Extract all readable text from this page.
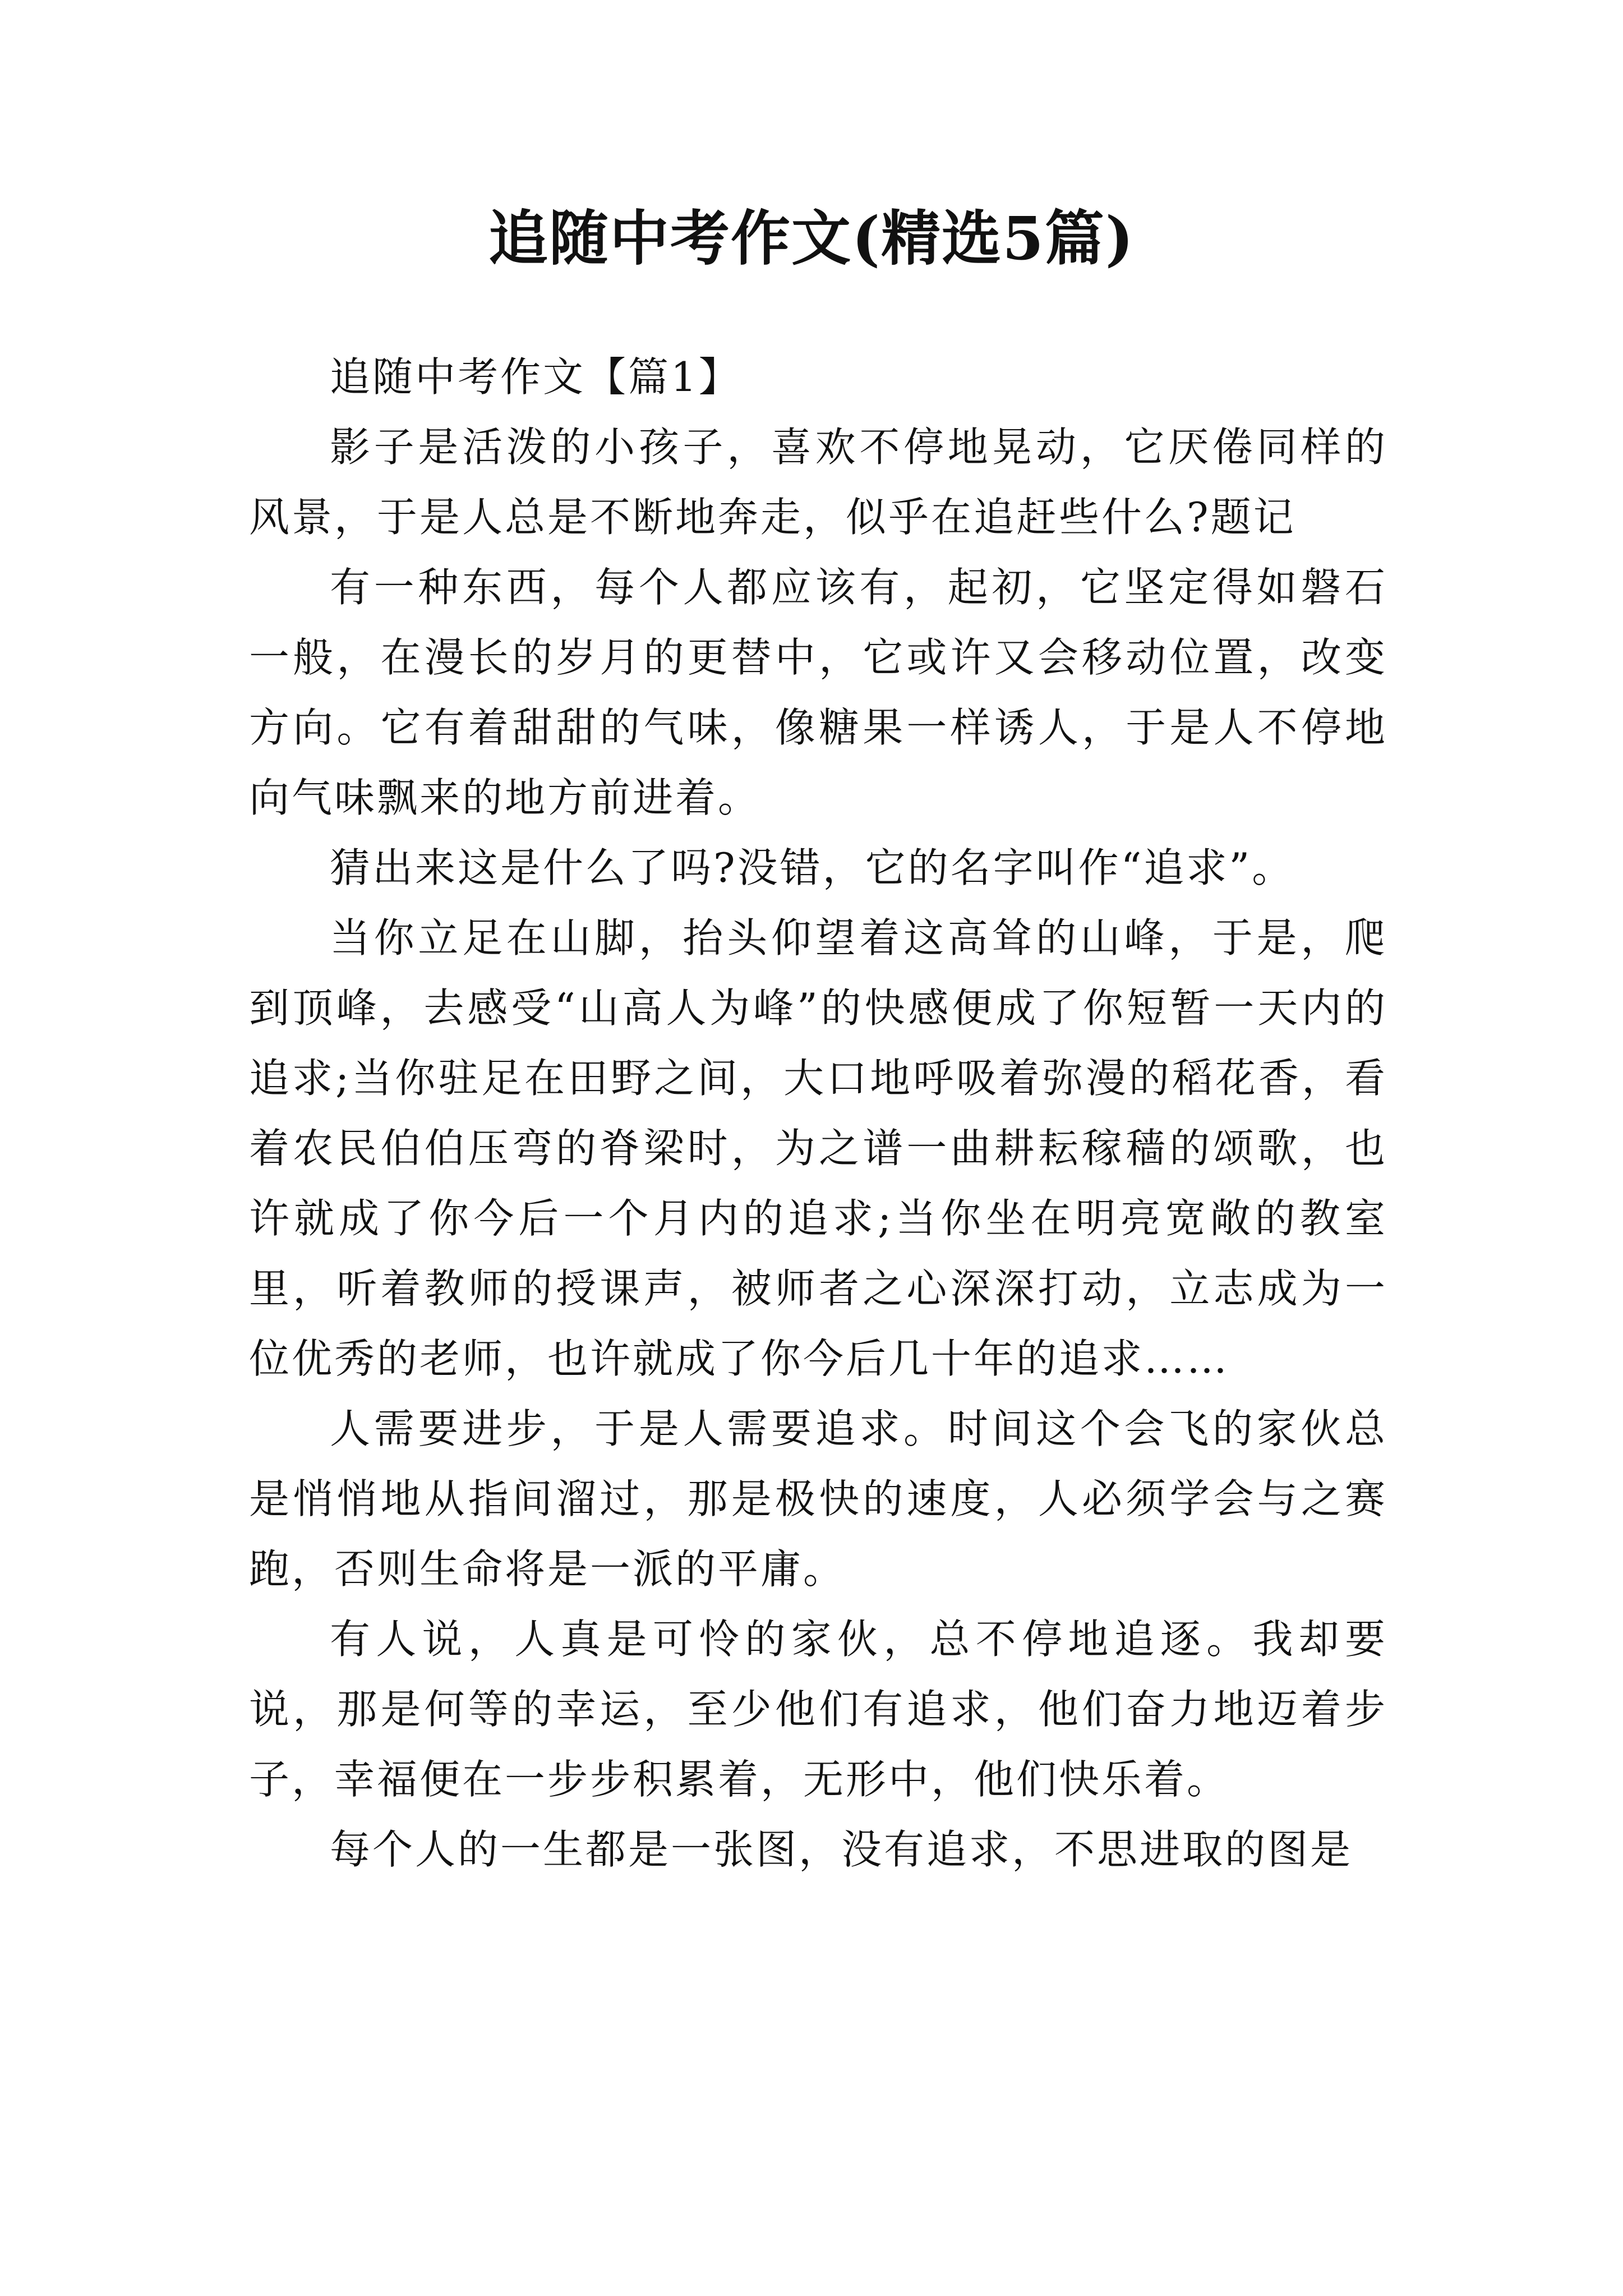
追随中考作文(精选5篇)

追随中考作文【篇1】

影子是活泼的小孩子，喜欢不停地晃动，它厌倦同样的风景，于是人总是不断地奔走，似乎在追赶些什么?题记

有一种东西，每个人都应该有，起初，它坚定得如磐石一般，在漫长的岁月的更替中，它或许又会移动位置，改变方向。它有着甜甜的气味，像糖果一样诱人，于是人不停地向气味飘来的地方前进着。

猜出来这是什么了吗?没错，它的名字叫作“追求”。

当你立足在山脚，抬头仰望着这高耸的山峰，于是，爬到顶峰，去感受“山高人为峰”的快感便成了你短暂一天内的追求;当你驻足在田野之间，大口地呼吸着弥漫的稻花香，看着农民伯伯压弯的脊梁时，为之谱一曲耕耘稼穑的颂歌，也许就成了你今后一个月内的追求;当你坐在明亮宽敞的教室里，听着教师的授课声，被师者之心深深打动，立志成为一位优秀的老师，也许就成了你今后几十年的追求……

人需要进步，于是人需要追求。时间这个会飞的家伙总是悄悄地从指间溜过，那是极快的速度，人必须学会与之赛跑，否则生命将是一派的平庸。

有人说，人真是可怜的家伙，总不停地追逐。我却要说，那是何等的幸运，至少他们有追求，他们奋力地迈着步子，幸福便在一步步积累着，无形中，他们快乐着。

每个人的一生都是一张图，没有追求，不思进取的图是
